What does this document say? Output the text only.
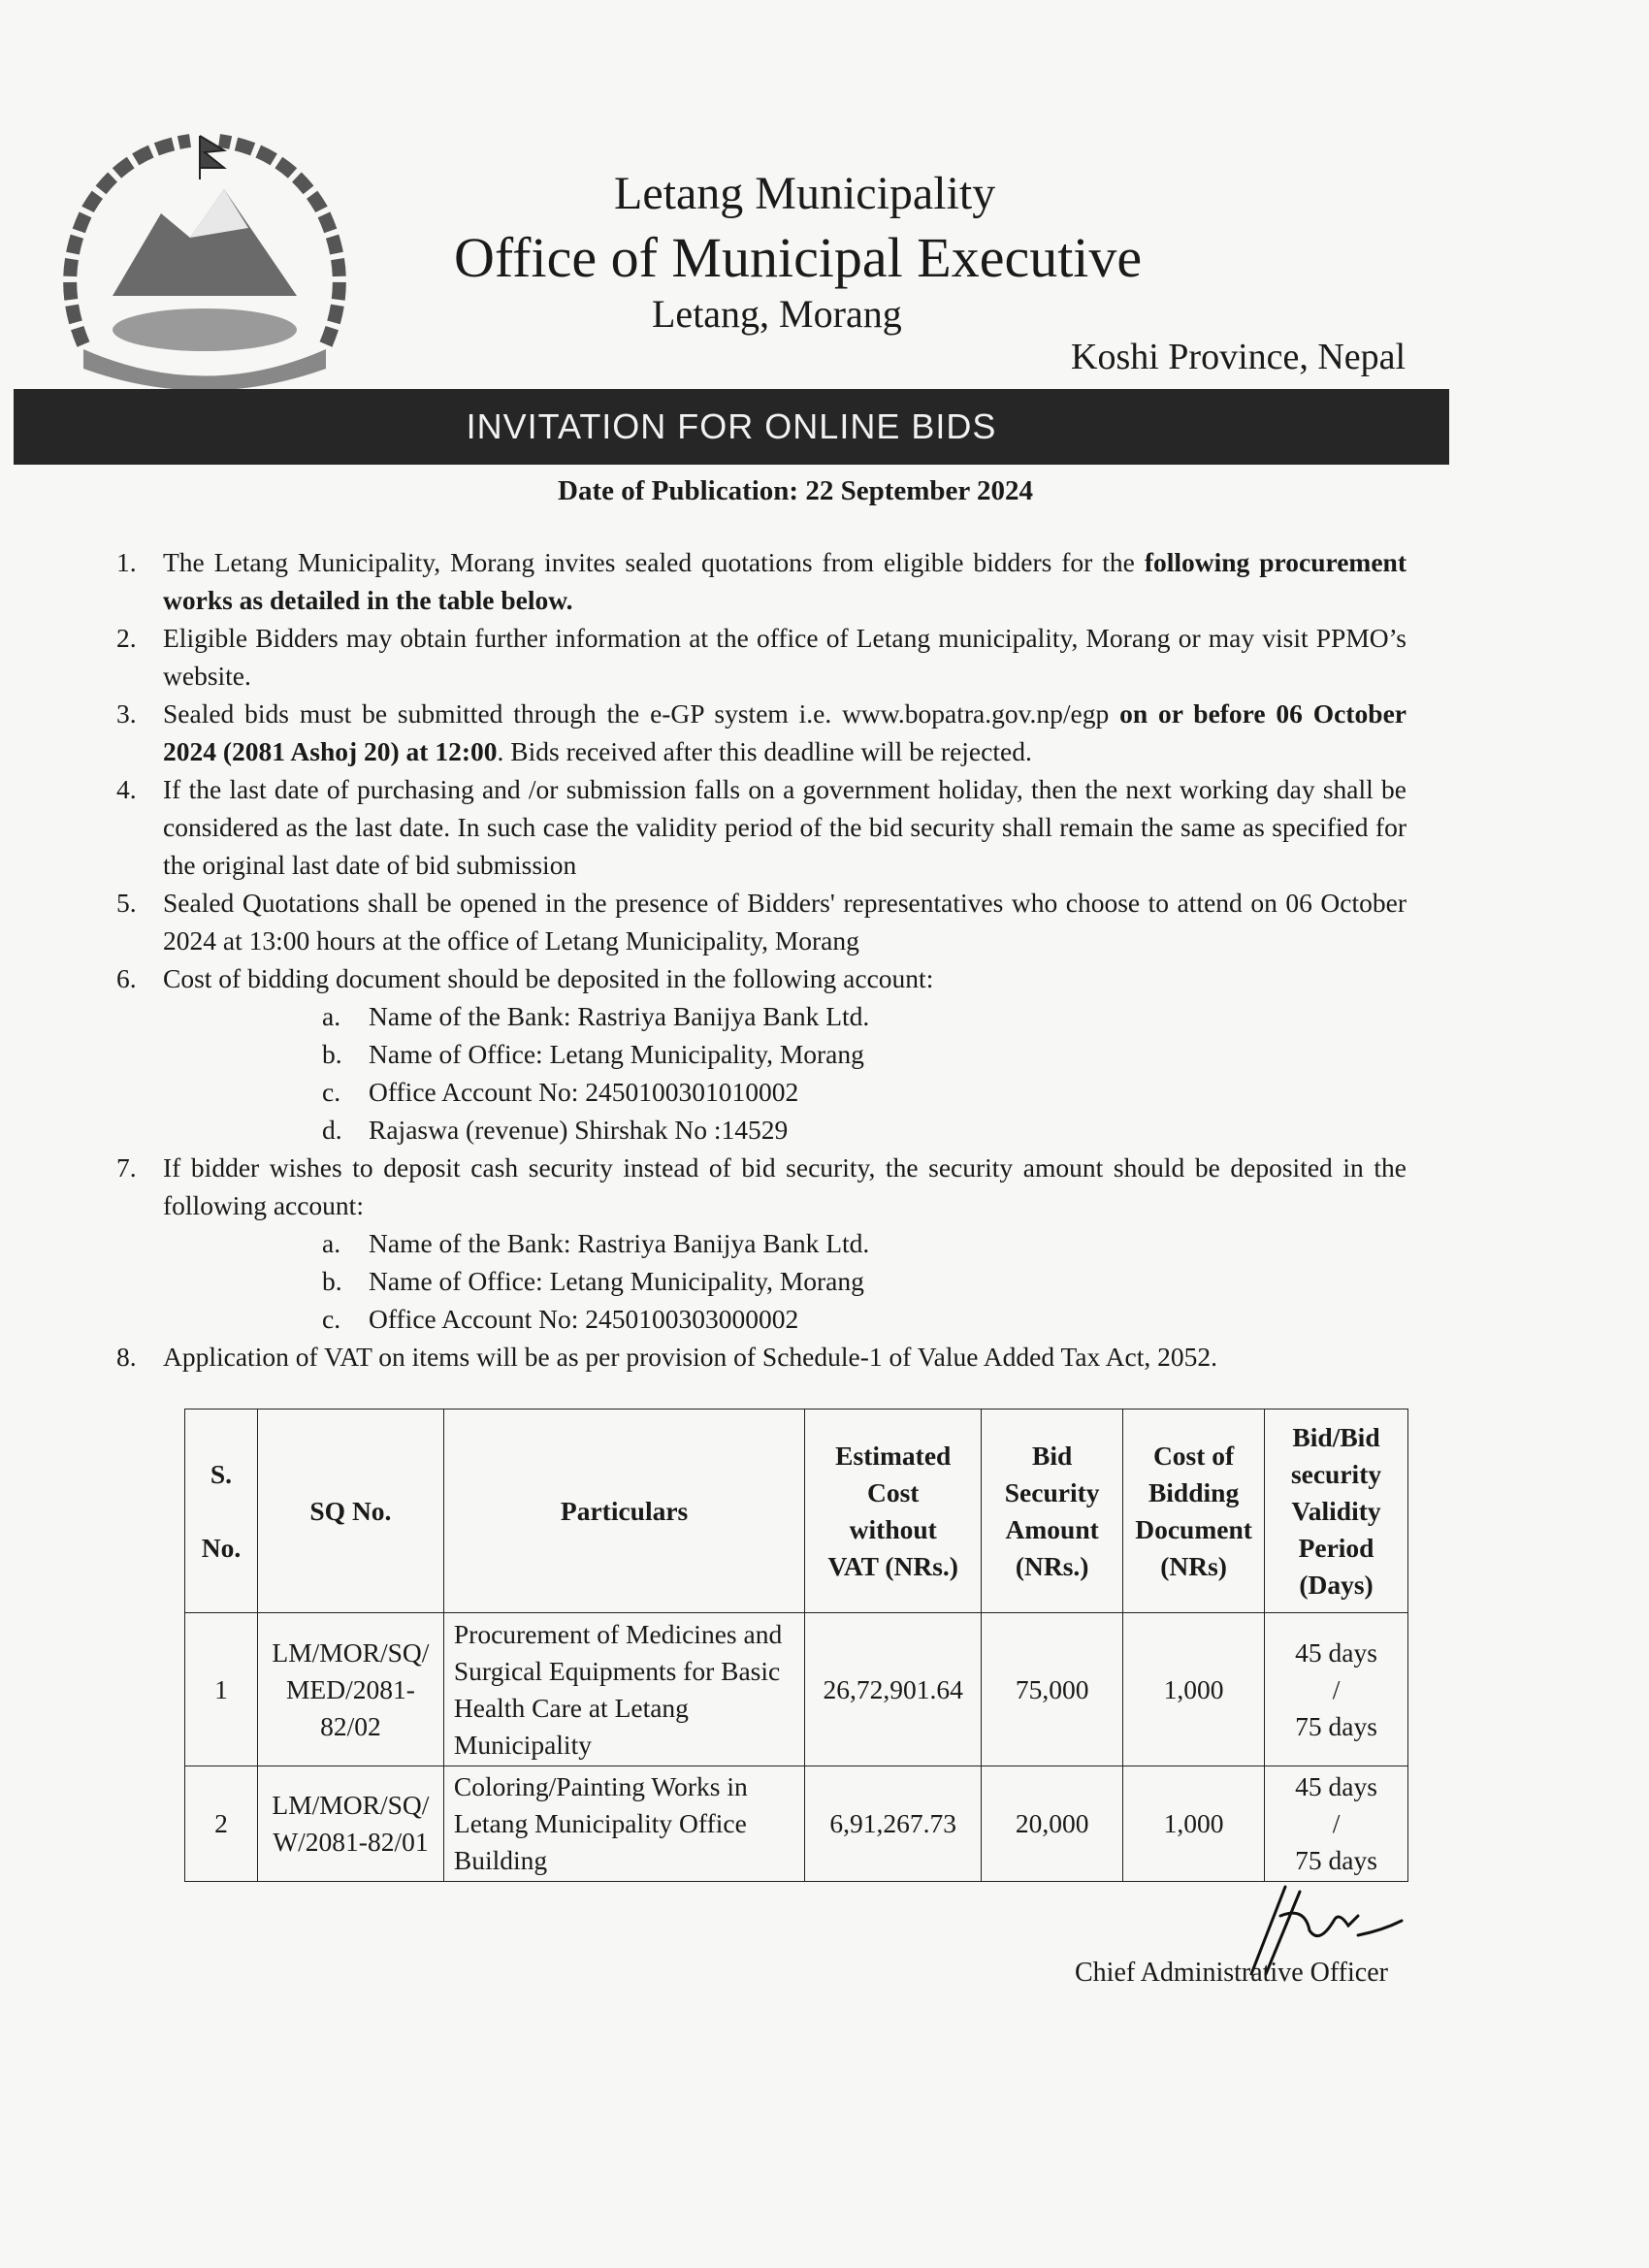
Letang Municipality
Office of Municipal Executive
Letang, Morang
Koshi Province, Nepal
INVITATION FOR ONLINE BIDS
Date of Publication: 22 September 2024
1. The Letang Municipality, Morang invites sealed quotations from eligible bidders for the following procurement works as detailed in the table below.
2. Eligible Bidders may obtain further information at the office of Letang municipality, Morang or may visit PPMO’s website.
3. Sealed bids must be submitted through the e-GP system i.e. www.bopatra.gov.np/egp on or before 06 October 2024 (2081 Ashoj 20) at 12:00. Bids received after this deadline will be rejected.
4. If the last date of purchasing and /or submission falls on a government holiday, then the next working day shall be considered as the last date. In such case the validity period of the bid security shall remain the same as specified for the original last date of bid submission
5. Sealed Quotations shall be opened in the presence of Bidders' representatives who choose to attend on 06 October 2024 at 13:00 hours at the office of Letang Municipality, Morang
6. Cost of bidding document should be deposited in the following account:
a. Name of the Bank: Rastriya Banijya Bank Ltd.
b. Name of Office: Letang Municipality, Morang
c. Office Account No: 2450100301010002
d. Rajaswa (revenue) Shirshak No :14529
7. If bidder wishes to deposit cash security instead of bid security, the security amount should be deposited in the following account:
a. Name of the Bank: Rastriya Banijya Bank Ltd.
b. Name of Office: Letang Municipality, Morang
c. Office Account No: 2450100303000002
8. Application of VAT on items will be as per provision of Schedule-1 of Value Added Tax Act, 2052.
S.

No.	SQ No.	Particulars	Estimated
Cost
without
VAT (NRs.)	Bid
Security
Amount
(NRs.)	Cost of
Bidding
Document
(NRs)	Bid/Bid
security
Validity
Period
(Days)
1	LM/MOR/SQ/
MED/2081-
82/02	Procurement of Medicines and Surgical Equipments for Basic Health Care at Letang Municipality	26,72,901.64	75,000	1,000	45 days
/
75 days
2	LM/MOR/SQ/
W/2081-82/01	Coloring/Painting Works in Letang Municipality Office Building	6,91,267.73	20,000	1,000	45 days
/
75 days
Chief Administrative Officer
